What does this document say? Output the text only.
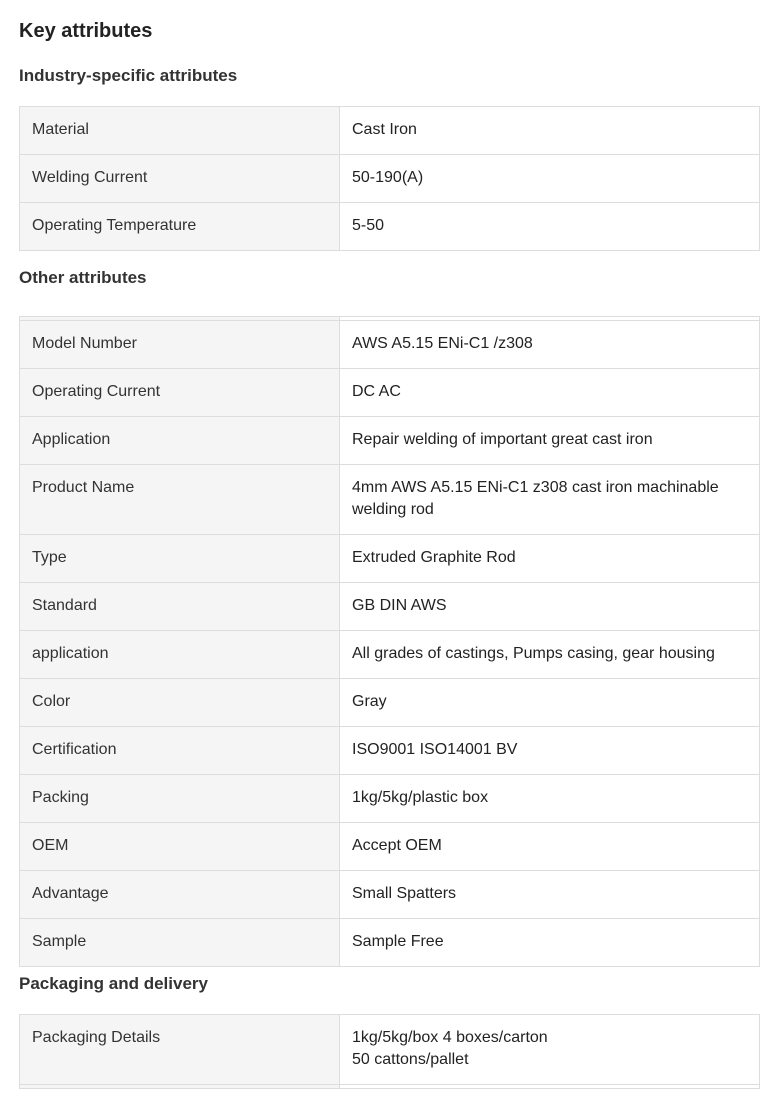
Key attributes
Industry-specific attributes
Material	Cast Iron
Welding Current	50-190(A)
Operating Temperature	5-50
Other attributes

Model Number	AWS A5.15 ENi-C1 /z308
Operating Current	DC AC
Application	Repair welding of important great cast iron
Product Name	4mm AWS A5.15 ENi-C1 z308 cast iron machinable welding rod
Type	Extruded Graphite Rod
Standard	GB DIN AWS
application	All grades of castings, Pumps casing, gear housing
Color	Gray
Certification	ISO9001 ISO14001 BV
Packing	1kg/5kg/plastic box
OEM	Accept OEM
Advantage	Small Spatters
Sample	Sample Free
Packaging and delivery
Packaging Details	1kg/5kg/box 4 boxes/carton
50 cattons/pallet
